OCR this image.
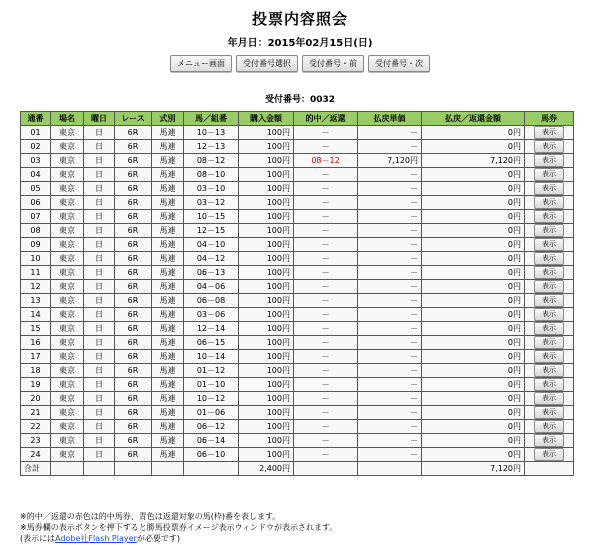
投票内容照会
年月日：2015年02月15日(日)
メニュー画面 受付番号選択 受付番号・前 受付番号・次
受付番号：0032
通番	場名	曜日	レース	式別	馬／組番	購入金額	的中／返還	払戻単価	払戻／返還金額	馬券
01	東京	日	6R	馬連	10－13	100円	－	－	0円	表示
02	東京	日	6R	馬連	12－13	100円	－	－	0円	表示
03	東京	日	6R	馬連	08－12	100円	08－12	7,120円	7,120円	表示
04	東京	日	6R	馬連	08－10	100円	－	－	0円	表示
05	東京	日	6R	馬連	03－10	100円	－	－	0円	表示
06	東京	日	6R	馬連	03－12	100円	－	－	0円	表示
07	東京	日	6R	馬連	10－15	100円	－	－	0円	表示
08	東京	日	6R	馬連	12－15	100円	－	－	0円	表示
09	東京	日	6R	馬連	04－10	100円	－	－	0円	表示
10	東京	日	6R	馬連	04－12	100円	－	－	0円	表示
11	東京	日	6R	馬連	06－13	100円	－	－	0円	表示
12	東京	日	6R	馬連	04－06	100円	－	－	0円	表示
13	東京	日	6R	馬連	06－08	100円	－	－	0円	表示
14	東京	日	6R	馬連	03－06	100円	－	－	0円	表示
15	東京	日	6R	馬連	12－14	100円	－	－	0円	表示
16	東京	日	6R	馬連	06－15	100円	－	－	0円	表示
17	東京	日	6R	馬連	10－14	100円	－	－	0円	表示
18	東京	日	6R	馬連	01－12	100円	－	－	0円	表示
19	東京	日	6R	馬連	01－10	100円	－	－	0円	表示
20	東京	日	6R	馬連	10－12	100円	－	－	0円	表示
21	東京	日	6R	馬連	01－06	100円	－	－	0円	表示
22	東京	日	6R	馬連	06－12	100円	－	－	0円	表示
23	東京	日	6R	馬連	06－14	100円	－	－	0円	表示
24	東京	日	6R	馬連	06－10	100円	－	－	0円	表示
合計						2,400円			7,120円	
※的中／返還の赤色は的中馬券、青色は返還対象の馬(枠)番を表します。
※馬券欄の表示ボタンを押下すると勝馬投票券イメージ表示ウィンドウが表示されます。
(表示にはAdobe社Flash Playerが必要です)
